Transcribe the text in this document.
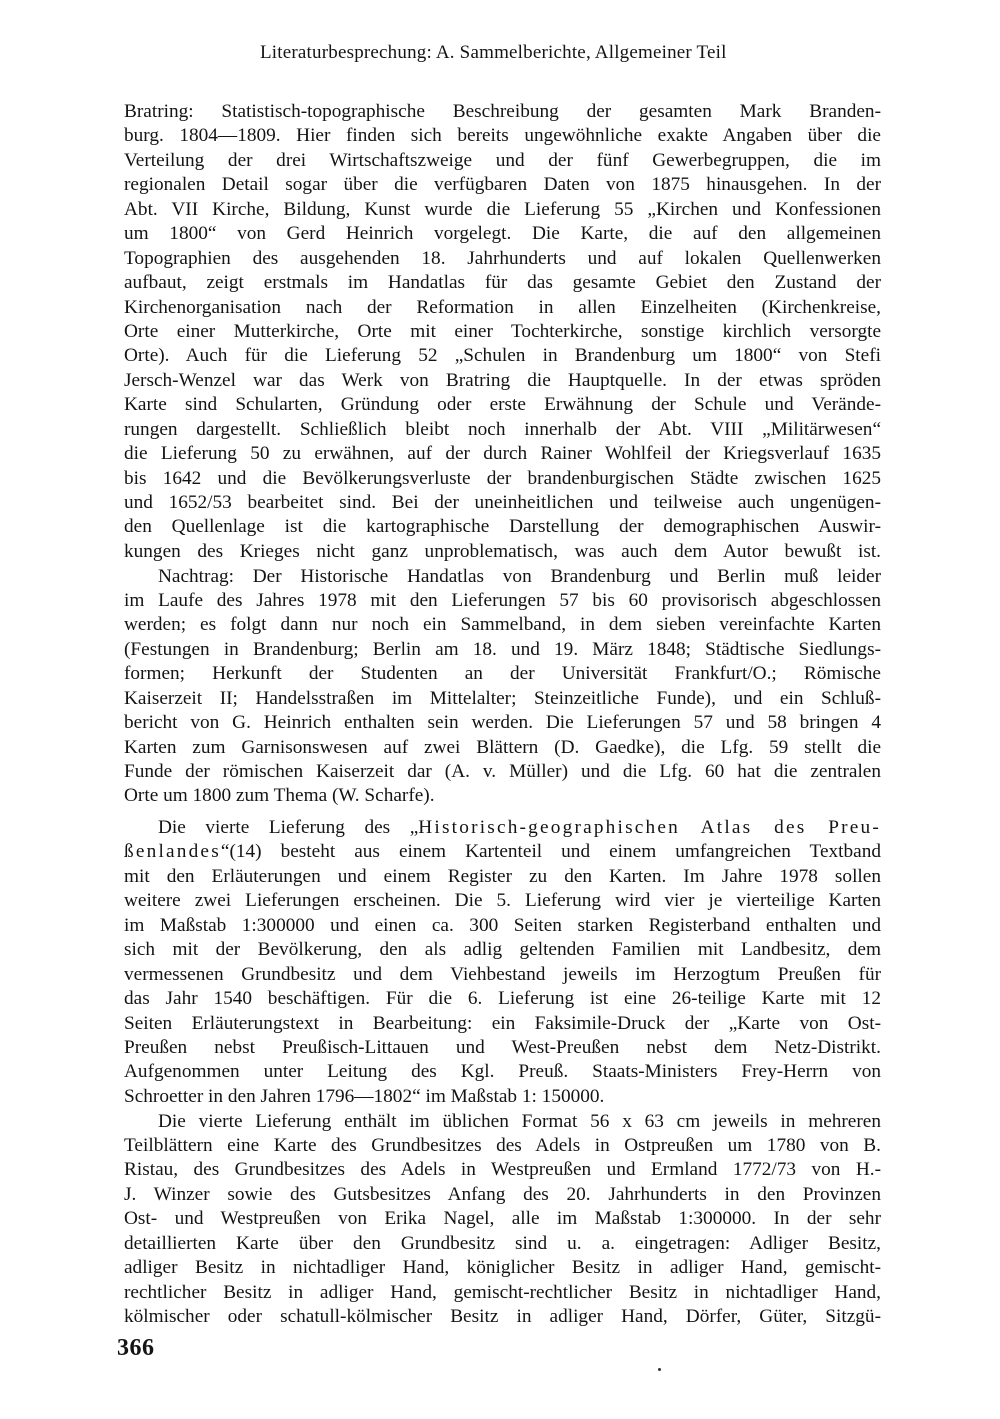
Literaturbesprechung: A. Sammelberichte, Allgemeiner Teil
Bratring: Statistisch-topographische Beschreibung der gesamten Mark Branden-
burg. 1804—1809. Hier finden sich bereits ungewöhnliche exakte Angaben über die
Verteilung der drei Wirtschaftszweige und der fünf Gewerbegruppen, die im
regionalen Detail sogar über die verfügbaren Daten von 1875 hinausgehen. In der
Abt. VII Kirche, Bildung, Kunst wurde die Lieferung 55 „Kirchen und Konfessionen
um 1800“ von Gerd Heinrich vorgelegt. Die Karte, die auf den allgemeinen
Topographien des ausgehenden 18. Jahrhunderts und auf lokalen Quellenwerken
aufbaut, zeigt erstmals im Handatlas für das gesamte Gebiet den Zustand der
Kirchenorganisation nach der Reformation in allen Einzelheiten (Kirchenkreise,
Orte einer Mutterkirche, Orte mit einer Tochterkirche, sonstige kirchlich versorgte
Orte). Auch für die Lieferung 52 „Schulen in Brandenburg um 1800“ von Stefi
Jersch-Wenzel war das Werk von Bratring die Hauptquelle. In der etwas spröden
Karte sind Schularten, Gründung oder erste Erwähnung der Schule und Verände-
rungen dargestellt. Schließlich bleibt noch innerhalb der Abt. VIII „Militärwesen“
die Lieferung 50 zu erwähnen, auf der durch Rainer Wohlfeil der Kriegsverlauf 1635
bis 1642 und die Bevölkerungsverluste der brandenburgischen Städte zwischen 1625
und 1652/53 bearbeitet sind. Bei der uneinheitlichen und teilweise auch ungenügen-
den Quellenlage ist die kartographische Darstellung der demographischen Auswir-
kungen des Krieges nicht ganz unproblematisch, was auch dem Autor bewußt ist.
Nachtrag: Der Historische Handatlas von Brandenburg und Berlin muß leider
im Laufe des Jahres 1978 mit den Lieferungen 57 bis 60 provisorisch abgeschlossen
werden; es folgt dann nur noch ein Sammelband, in dem sieben vereinfachte Karten
(Festungen in Brandenburg; Berlin am 18. und 19. März 1848; Städtische Siedlungs-
formen; Herkunft der Studenten an der Universität Frankfurt/O.; Römische
Kaiserzeit II; Handelsstraßen im Mittelalter; Steinzeitliche Funde), und ein Schluß-
bericht von G. Heinrich enthalten sein werden. Die Lieferungen 57 und 58 bringen 4
Karten zum Garnisonswesen auf zwei Blättern (D. Gaedke), die Lfg. 59 stellt die
Funde der römischen Kaiserzeit dar (A. v. Müller) und die Lfg. 60 hat die zentralen
Orte um 1800 zum Thema (W. Scharfe).
Die vierte Lieferung des „Historisch-geographischen Atlas des Preu-
ßenlandes“(14) besteht aus einem Kartenteil und einem umfangreichen Textband
mit den Erläuterungen und einem Register zu den Karten. Im Jahre 1978 sollen
weitere zwei Lieferungen erscheinen. Die 5. Lieferung wird vier je vierteilige Karten
im Maßstab 1:300000 und einen ca. 300 Seiten starken Registerband enthalten und
sich mit der Bevölkerung, den als adlig geltenden Familien mit Landbesitz, dem
vermessenen Grundbesitz und dem Viehbestand jeweils im Herzogtum Preußen für
das Jahr 1540 beschäftigen. Für die 6. Lieferung ist eine 26-teilige Karte mit 12
Seiten Erläuterungstext in Bearbeitung: ein Faksimile-Druck der „Karte von Ost-
Preußen nebst Preußisch-Littauen und West-Preußen nebst dem Netz-Distrikt.
Aufgenommen unter Leitung des Kgl. Preuß. Staats-Ministers Frey-Herrn von
Schroetter in den Jahren 1796—1802“ im Maßstab 1: 150000.
Die vierte Lieferung enthält im üblichen Format 56 x 63 cm jeweils in mehreren
Teilblättern eine Karte des Grundbesitzes des Adels in Ostpreußen um 1780 von B.
Ristau, des Grundbesitzes des Adels in Westpreußen und Ermland 1772/73 von H.-
J. Winzer sowie des Gutsbesitzes Anfang des 20. Jahrhunderts in den Provinzen
Ost- und Westpreußen von Erika Nagel, alle im Maßstab 1:300000. In der sehr
detaillierten Karte über den Grundbesitz sind u. a. eingetragen: Adliger Besitz,
adliger Besitz in nichtadliger Hand, königlicher Besitz in adliger Hand, gemischt-
rechtlicher Besitz in adliger Hand, gemischt-rechtlicher Besitz in nichtadliger Hand,
kölmischer oder schatull-kölmischer Besitz in adliger Hand, Dörfer, Güter, Sitzgü-
366
